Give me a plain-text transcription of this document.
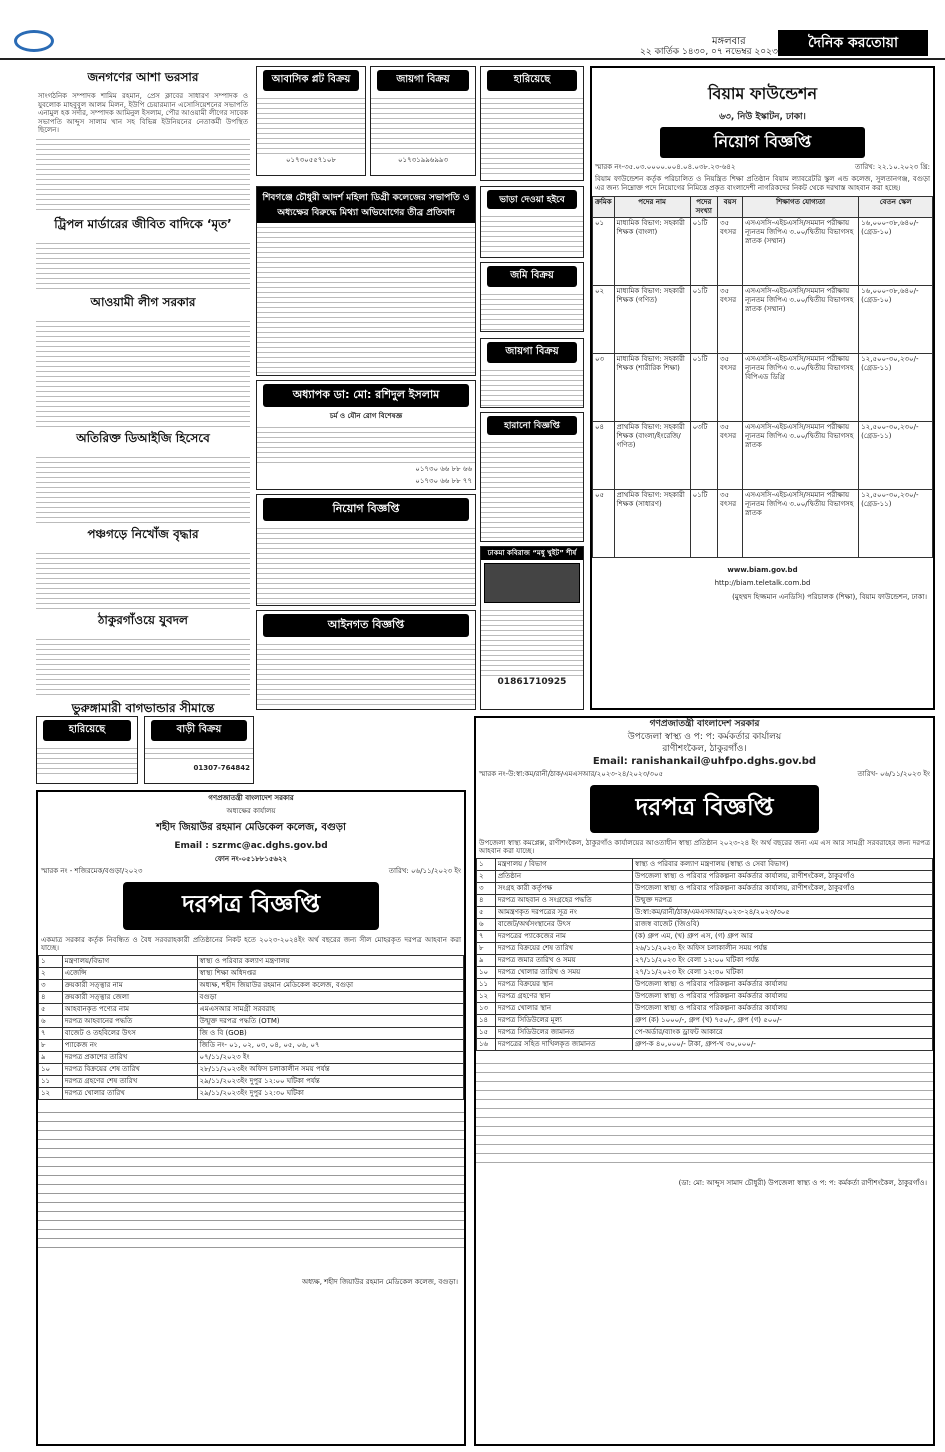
মঙ্গলবার
২২ কার্তিক ১৪৩০, ০৭ নভেম্বর ২০২৩
দৈনিক করতোয়া
জনগণের আশা ভরসার
সাংগঠনিক সম্পাদক শামিম রহমান, প্রেস ক্লাবের সাধারণ সম্পাদক ও যুবলোক মাহবুবুল আলম মিলন, ইউপি চেয়ারম্যান এসোসিয়েশনের সভাপতি এনামুল হক সর্দার, সম্পাদক আমিনুল ইসলাম, পৌর আওয়ামী লীগের সাবেক সভাপতি আব্দুস সালাম খান সহ বিভিন্ন ইউনিয়নের নেতাকর্মী উপস্থিত ছিলেন।
ট্রিপল মার্ডারের জীবিত বাদিকে ‘মৃত’
আওয়ামী লীগ সরকার
অতিরিক্ত ডিআইজি হিসেবে
পঞ্চগড়ে নিখোঁজ বৃদ্ধার
ঠাকুরগাঁওয়ে যুবদল
ভুরুঙ্গামারী বাগভান্ডার সীমান্তে
আবাসিক প্লট বিক্রয়
০১৭৩০৫৫৭১০৮
জায়গা বিক্রয়
০১৭৩১৯৯৬৯৯৩
হারিয়েছে
শিবগঞ্জে চৌধুরী আদর্শ মহিলা ডিগ্রী কলেজের সভাপতি ও অধ্যক্ষের বিরুদ্ধে মিথ্যা অভিযোগের তীব্র প্রতিবাদ
ভাড়া দেওয়া হইবে
জমি বিক্রয়
জায়গা বিক্রয়
হারানো বিজ্ঞপ্তি
অধ্যাপক ডা: মো: রশিদুল ইসলাম
চর্ম ও যৌন রোগ বিশেষজ্ঞ
০১৭৩০ ৬৬ ৮৮ ৬৬
০১৭৩০ ৬৬ ৮৮ ৭৭
নিয়োগ বিজ্ঞপ্তি
আইনগত বিজ্ঞপ্তি
ঢাকমা কবিরাজ “মধু খুইট” শীর্ষ
01861710925
হারিয়েছে	বাড়ী বিক্রয়
01307-764842
বিয়াম ফাউন্ডেশন
৬৩, নিউ ইস্কাটন, ঢাকা।
নিয়োগ বিজ্ঞপ্তি
স্মারক নং-৩৫.০৩.০০০০.০০৪.০৪.০৩৮.২৩-৬৪২	তারিখ: ২২.১০.২০২৩ খ্রি:
বিয়াম ফাউন্ডেশন কর্তৃক পরিচালিত ও নিয়ন্ত্রিত শিক্ষা প্রতিষ্ঠান বিয়াম ল্যাবরেটরি স্কুল এন্ড কলেজ, সুলতানগঞ্জ, বগুড়া এর জন্য নিম্নোক্ত পদে নিয়োগের নিমিত্তে প্রকৃত বাংলাদেশী নাগরিকদের নিকট থেকে দরখাস্ত আহবান করা হচ্ছে।
ক্রমিক	পদের নাম	পদের সংখ্যা	বয়স	শিক্ষাগত যোগ্যতা	বেতন স্কেল
০১	মাধ্যমিক বিভাগ: সহকারী শিক্ষক (বাংলা)	০১টি	৩৫ বৎসর	এসএসসি-এইচএসসি/সমমান পরীক্ষায় ন্যূনতম জিপিএ ৩.০০/দ্বিতীয় বিভাগসহ স্নাতক (সম্মান)	১৬,০০০-৩৮,৬৪০/- (গ্রেড-১০)
০২	মাধ্যমিক বিভাগ: সহকারী শিক্ষক (গণিত)	০১টি	৩৫ বৎসর	এসএসসি-এইচএসসি/সমমান পরীক্ষায় ন্যূনতম জিপিএ ৩.০০/দ্বিতীয় বিভাগসহ স্নাতক (সম্মান)	১৬,০০০-৩৮,৬৪০/- (গ্রেড-১০)
০৩	মাধ্যমিক বিভাগ: সহকারী শিক্ষক (শারীরিক শিক্ষা)	০১টি	৩৫ বৎসর	এসএসসি-এইচএসসি/সমমান পরীক্ষায় ন্যূনতম জিপিএ ৩.০০/দ্বিতীয় বিভাগসহ বিপিএড ডিগ্রি	১২,৫০০-৩০,২৩০/- (গ্রেড-১১)
০৪	প্রাথমিক বিভাগ: সহকারী শিক্ষক (বাংলা/ইংরেজি/গণিত)	০৩টি	৩৫ বৎসর	এসএসসি-এইচএসসি/সমমান পরীক্ষায় ন্যূনতম জিপিএ ৩.০০/দ্বিতীয় বিভাগসহ স্নাতক	১২,৫০০-৩০,২৩০/- (গ্রেড-১১)
০৫	প্রাথমিক বিভাগ: সহকারী শিক্ষক (সাধারণ)	০১টি	৩৫ বৎসর	এসএসসি-এইচএসসি/সমমান পরীক্ষায় ন্যূনতম জিপিএ ৩.০০/দ্বিতীয় বিভাগসহ স্নাতক	১২,৫০০-৩০,২৩০/- (গ্রেড-১১)
www.biam.gov.bd
http://biam.teletalk.com.bd
(মুহম্মদ হিজ্জমান এনডিসি) পরিচালক (শিক্ষা), বিয়াম ফাউন্ডেশন, ঢাকা।
গণপ্রজাতন্ত্রী বাংলাদেশ সরকার
অধ্যক্ষের কার্যালয়
শহীদ জিয়াউর রহমান মেডিকেল কলেজ, বগুড়া
Email : szrmc@ac.dghs.gov.bd
ফোন নং-০৫১৮৮১৫৬২২
স্মারক নং - শজিরমেক/বগুড়া/২০২৩	তারিখ: ০৬/১১/২০২৩ ইং
দরপত্র বিজ্ঞপ্তি
একমাত্র সরকার কর্তৃক নিবন্ধিত ও বৈধ সরবরাহকারী প্রতিষ্ঠানের নিকট হতে ২০২৩-২০২৪ইং অর্থ বছরের জন্য সীল মোহরকৃত দরপত্র আহবান করা যাচ্ছে।
১	মন্ত্রণালয়/বিভাগ	স্বাস্থ্য ও পরিবার কল্যাণ মন্ত্রণালয়
২	এজেন্সি	স্বাস্থ্য শিক্ষা অধিদপ্তর
৩	ক্রয়কারী সত্ত্বার নাম	অধ্যক্ষ, শহীদ জিয়াউর রহমান মেডিকেল কলেজ, বগুড়া
৪	ক্রয়কারী সত্ত্বার জেলা	বগুড়া
৫	আহবানকৃত পণ্যের নাম	এমএসআর সামগ্রী সরবরাহ
৬	দরপত্র আহবানের পদ্ধতি	উন্মুক্ত দরপত্র পদ্ধতি (OTM)
৭	বাজেট ও তহবিলের উৎস	জি ও বি (GOB)
৮	প্যাকেজ নং	জিডি নং- ০১, ০২, ০৩, ০৪, ০৫, ০৬, ০৭
৯	দরপত্র প্রকাশের তারিখ	০৭/১১/২০২৩ ইং
১০	দরপত্র বিক্রয়ের শেষ তারিখ	২৮/১১/২০২৩ইং অফিস চলাকালীন সময় পর্যন্ত
১১	দরপত্র গ্রহণের শেষ তারিখ	২৯/১১/২০২৩ইং দুপুর ১২:০০ ঘটিকা পর্যন্ত
১২	দরপত্র খোলার তারিখ	২৯/১১/২০২৩ইং দুপুর ১২:৩০ ঘটিকা
অধ্যক্ষ, শহীদ জিয়াউর রহমান মেডিকেল কলেজ, বগুড়া।
গণপ্রজাতন্ত্রী বাংলাদেশ সরকার
উপজেলা স্বাস্থ্য ও প: প: কর্মকর্তার কার্যালয়
রাণীশংকৈল, ঠাকুরগাঁও।
Email: ranishankail@uhfpo.dghs.gov.bd
স্মারক নং-উ:স্বা:কম/রানী/ঠাক/এমএসআর/২০২৩-২৪/২০২৩/৩০৫	তারিখ- ০৬/১১/২০২৩ ইং
দরপত্র বিজ্ঞপ্তি
উপজেলা স্বাস্থ্য কমপ্লেক্স, রাণীশংকৈল, ঠাকুরগাঁও কার্যালয়ের আওতাধীন স্বাস্থ্য প্রতিষ্ঠান ২০২৩-২৪ ইং অর্থ বছরের জন্য এম এস আর সামগ্রী সরবরাহের জন্য দরপত্র আহবান করা যাচ্ছে।
১	মন্ত্রণালয় / বিভাগ	স্বাস্থ্য ও পরিবার কল্যাণ মন্ত্রণালয় (স্বাস্থ্য ও সেবা বিভাগ)
২	প্রতিষ্ঠান	উপজেলা স্বাস্থ্য ও পরিবার পরিকল্পনা কর্মকর্তার কার্যালয়, রাণীশংকৈল, ঠাকুরগাঁও
৩	সংগ্রহ কারী কর্তৃপক্ষ	উপজেলা স্বাস্থ্য ও পরিবার পরিকল্পনা কর্মকর্তার কার্যালয়, রাণীশংকৈল, ঠাকুরগাঁও
৪	দরপত্র আহবান ও সংগ্রহের পদ্ধতি	উন্মুক্ত দরপত্র
৫	আমন্ত্রণকৃত দরপত্রের সূত্র নং	উ:স্বা:কম/রানী/ঠাক/এমএসআর/২০২৩-২৪/২০২৩/৩০৫
৬	বাজেট/অর্থসংস্থানের উৎস	রাজস্ব বাজেট (জিওবি)
৭	দরপত্রের প্যাকেজের নাম	(ক) গ্রুপ এম, (খ) গ্রুপ এস, (গ) গ্রুপ আর
৮	দরপত্র বিক্রয়ের শেষ তারিখ	২৬/১১/২০২৩ ইং অফিস চলাকালীন সময় পর্যন্ত
৯	দরপত্র জমার তারিখ ও সময়	২৭/১১/২০২৩ ইং বেলা ১২:০০ ঘটিকা পর্যন্ত
১০	দরপত্র খোলার তারিখ ও সময়	২৭/১১/২০২৩ ইং বেলা ১২:৩০ ঘটিকা
১১	দরপত্র বিক্রয়ের স্থান	উপজেলা স্বাস্থ্য ও পরিবার পরিকল্পনা কর্মকর্তার কার্যালয়
১২	দরপত্র গ্রহণের স্থান	উপজেলা স্বাস্থ্য ও পরিবার পরিকল্পনা কর্মকর্তার কার্যালয়
১৩	দরপত্র খোলার স্থান	উপজেলা স্বাস্থ্য ও পরিবার পরিকল্পনা কর্মকর্তার কার্যালয়
১৪	দরপত্র সিডিউলের মূল্য	গ্রুপ (ক) ১০০০/-, গ্রুপ (খ) ৭৫০/-, গ্রুপ (গ) ৫০০/-
১৫	দরপত্র সিডিউলের জামানত	পে-অর্ডার/ব্যাংক ড্রাফট আকারে
১৬	দরপত্রের সহিত দাখিলকৃত জামানত	গ্রুপ-ক ৪০,০০০/- টাকা, গ্রুপ-খ ৩০,০০০/-
(ডা: মো: আব্দুস সামাদ চৌধুরী) উপজেলা স্বাস্থ্য ও প: প: কর্মকর্তা রাণীশংকৈল, ঠাকুরগাঁও।
